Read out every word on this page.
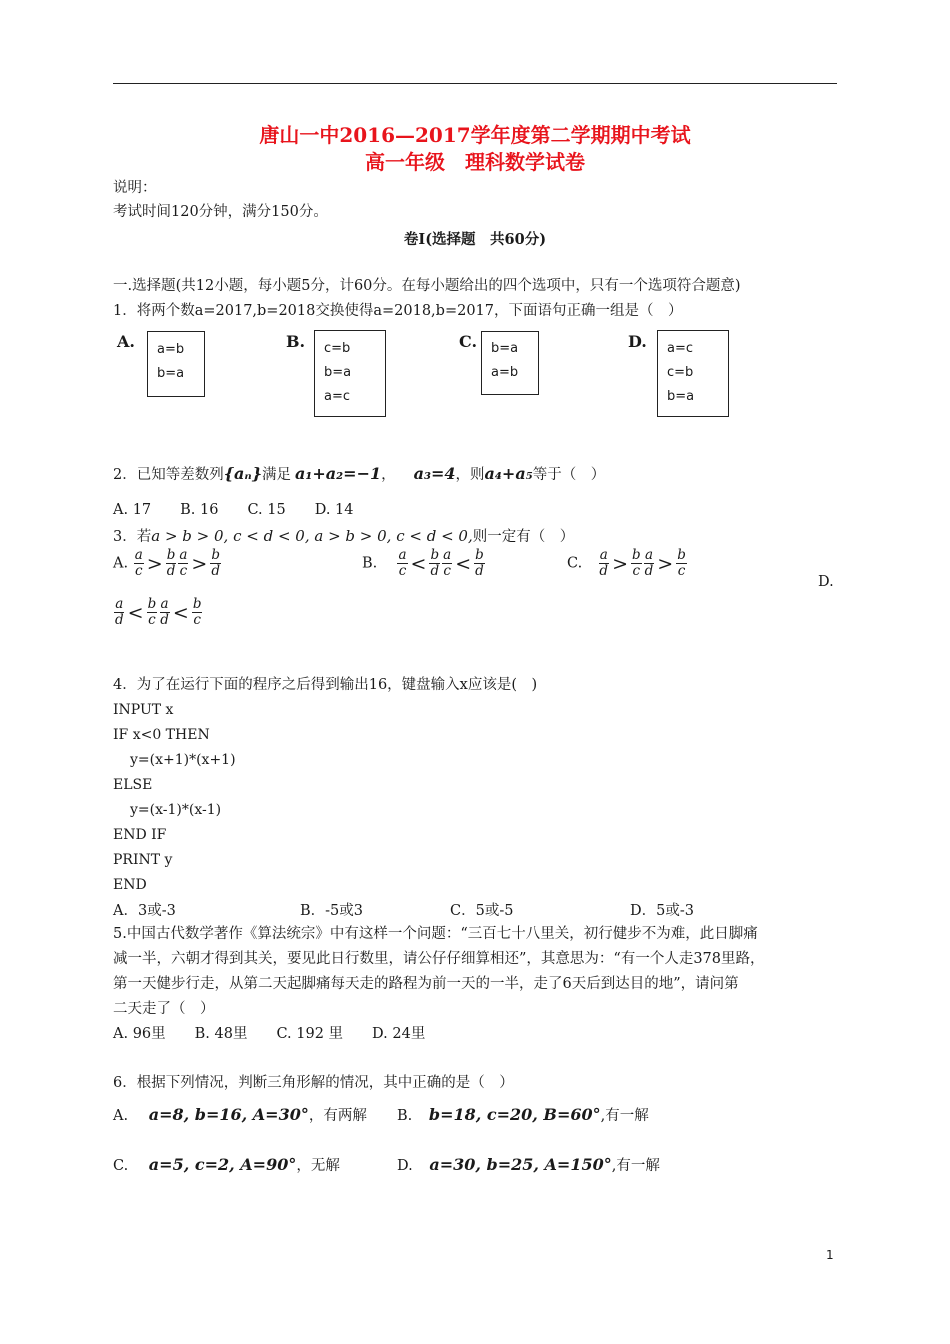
唐山一中2016—2017学年度第二学期期中考试
高一年级　理科数学试卷
说明：
考试时间120分钟，满分150分。
卷Ⅰ(选择题　共60分)
一.选择题(共12小题，每小题5分，计60分。在每小题给出的四个选项中，只有一个选项符合题意)
1．将两个数a=2017,b=2018交换使得a=2018,b=2017，下面语句正确一组是（　）
A.	a=b
b=a
B.	c=b
b=a
a=c
C.	b=a
a=b
D.	a=c
c=b
b=a
2．已知等差数列{aₙ}满足 a₁+a₂=−1， a₃=4，则a₄+a₅等于（　）
A. 17　　B. 16　　C. 15　　D. 14
3．若a > b > 0, c < d < 0, a > b > 0, c < d < 0,则一定有（　）
A. $\frac{a}{c} > \frac{b}{d} \frac{a}{c} > \frac{b}{d}$	B. $\frac{a}{c} < \frac{b}{d} \frac{a}{c} < \frac{b}{d}$	C. $\frac{a}{d} > \frac{b}{c} \frac{a}{d} > \frac{b}{c}$
D.
$\frac{a}{d} < \frac{b}{c} \frac{a}{d} < \frac{b}{c}$
4．为了在运行下面的程序之后得到输出16，键盘输入x应该是(　)
INPUT x
IF x<0 THEN
y=(x+1)*(x+1)
ELSE
y=(x-1)*(x-1)
END IF
PRINT y
END
A．3或-3	B．-5或3	C．5或-5	D．5或-3
5.中国古代数学著作《算法统宗》中有这样一个问题：“三百七十八里关，初行健步不为难，此日脚痛
减一半，六朝才得到其关，要见此日行数里，请公仔仔细算相还”，其意思为：“有一个人走378里路，
第一天健步行走，从第二天起脚痛每天走的路程为前一天的一半，走了6天后到达目的地”，请问第
二天走了（　）
A. 96里　　B. 48里　　C. 192 里　　D. 24里
6．根据下列情况，判断三角形解的情况，其中正确的是（　）
A. a=8, b=16, A=30°，有两解 B. b=18, c=20, B=60°,有一解
C. a=5, c=2, A=90°，无解	D. a=30, b=25, A=150°,有一解
1
